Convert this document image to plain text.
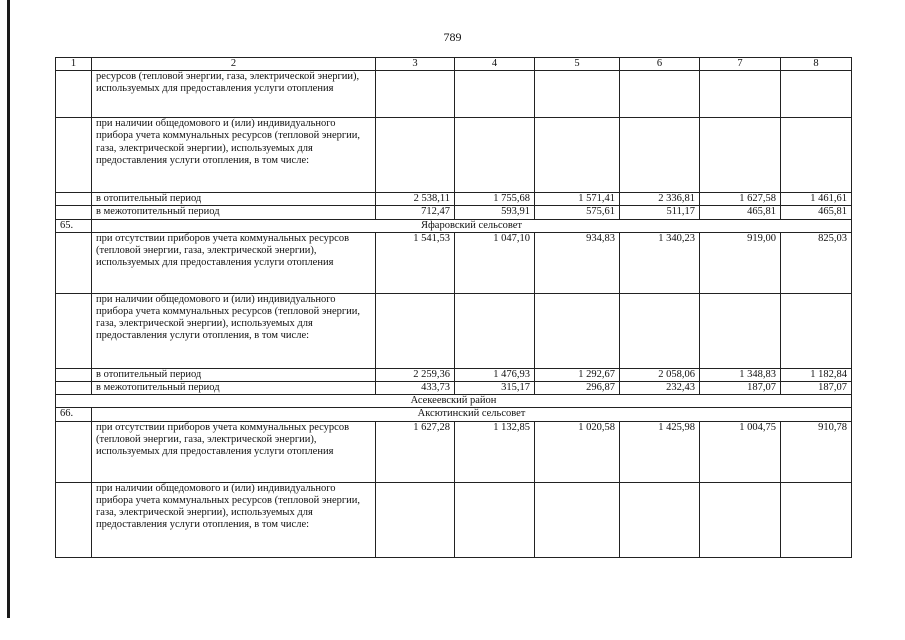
789
1	2	3	4	5	6	7	8
	ресурсов (тепловой энергии, газа, электрической энергии), используемых для предоставления услуги отопления						
	при наличии общедомового и (или) индивидуального прибора учета коммунальных ресурсов (тепловой энергии, газа, электрической энергии), используемых для предоставления услуги отопления, в том числе:						
	в отопительный период	2 538,11	1 755,68	1 571,41	2 336,81	1 627,58	1 461,61
	в межотопительный период	712,47	593,91	575,61	511,17	465,81	465,81
65.	Яфаровский сельсовет						
	при отсутствии приборов учета коммунальных ресурсов (тепловой энергии, газа, электрической энергии), используемых для предоставления услуги отопления	1 541,53	1 047,10	934,83	1 340,23	919,00	825,03
	при наличии общедомового и (или) индивидуального прибора учета коммунальных ресурсов (тепловой энергии, газа, электрической энергии), используемых для предоставления услуги отопления, в том числе:						
	в отопительный период	2 259,36	1 476,93	1 292,67	2 058,06	1 348,83	1 182,84
	в межотопительный период	433,73	315,17	296,87	232,43	187,07	187,07
Асекеевский район							
66.	Аксютинский сельсовет						
	при отсутствии приборов учета коммунальных ресурсов (тепловой энергии, газа, электрической энергии), используемых для предоставления услуги отопления	1 627,28	1 132,85	1 020,58	1 425,98	1 004,75	910,78
	при наличии общедомового и (или) индивидуального прибора учета коммунальных ресурсов (тепловой энергии, газа, электрической энергии), используемых для предоставления услуги отопления, в том числе:						
